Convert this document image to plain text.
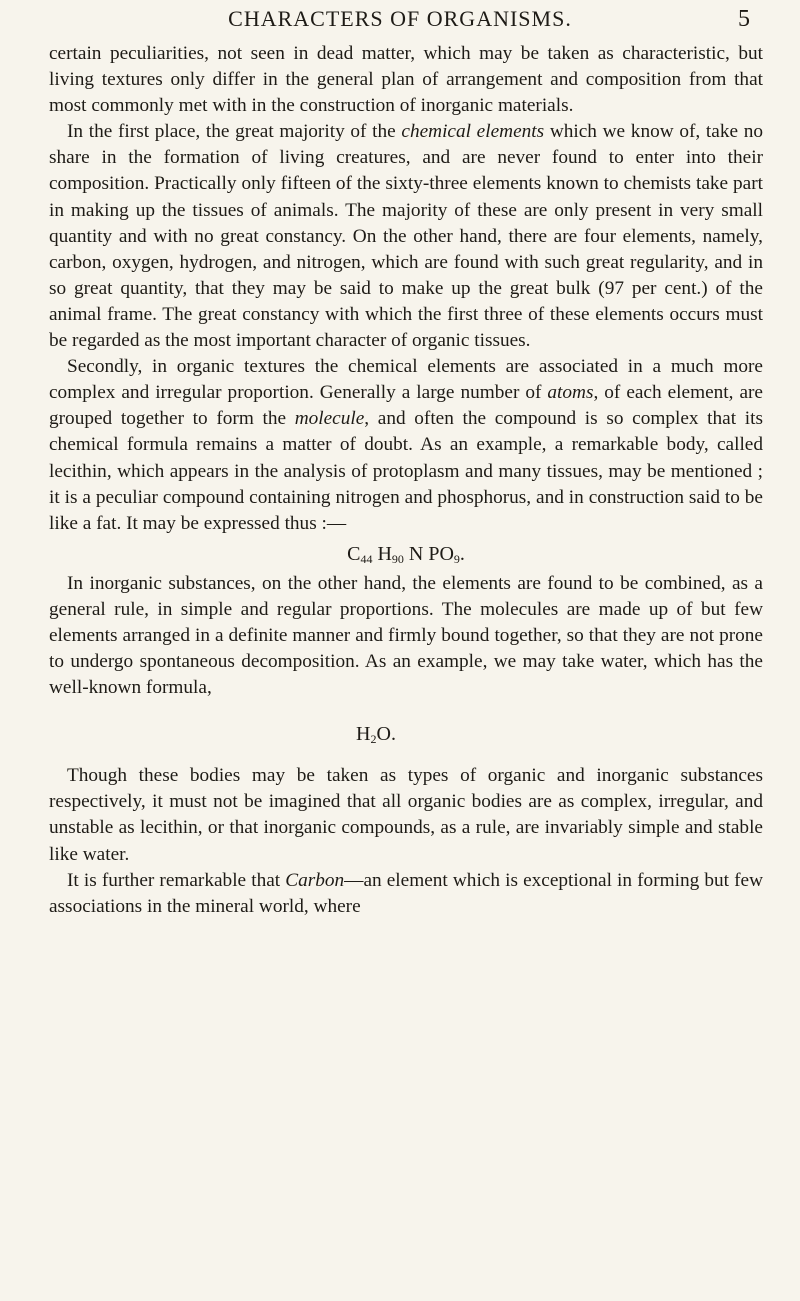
CHARACTERS OF ORGANISMS.	5

certain peculiarities, not seen in dead matter, which may be taken as characteristic, but living textures only differ in the general plan of arrangement and composition from that most commonly met with in the construction of inorganic materials.

In the first place, the great majority of the chemical elements which we know of, take no share in the formation of living creatures, and are never found to enter into their composition. Practically only fifteen of the sixty-three elements known to chemists take part in making up the tissues of animals. The majority of these are only present in very small quantity and with no great constancy. On the other hand, there are four elements, namely, carbon, oxygen, hydrogen, and nitrogen, which are found with such great regularity, and in so great quantity, that they may be said to make up the great bulk (97 per cent.) of the animal frame. The great constancy with which the first three of these elements occurs must be regarded as the most important character of organic tissues.

Secondly, in organic textures the chemical elements are associated in a much more complex and irregular proportion. Generally a large number of atoms, of each element, are grouped together to form the molecule, and often the compound is so complex that its chemical formula remains a matter of doubt. As an example, a remarkable body, called lecithin, which appears in the analysis of protoplasm and many tissues, may be mentioned ; it is a peculiar compound containing nitrogen and phosphorus, and in construction said to be like a fat. It may be expressed thus :—

$C_{44}$ $H_{90}$ N $PO_9$.

In inorganic substances, on the other hand, the elements are found to be combined, as a general rule, in simple and regular proportions. The molecules are made up of but few elements arranged in a definite manner and firmly bound together, so that they are not prone to undergo spontaneous decomposition. As an example, we may take water, which has the well-known formula,

$H_2O$.

Though these bodies may be taken as types of organic and inorganic substances respectively, it must not be imagined that all organic bodies are as complex, irregular, and unstable as lecithin, or that inorganic compounds, as a rule, are invariably simple and stable like water.

It is further remarkable that Carbon—an element which is exceptional in forming but few associations in the mineral world, where
